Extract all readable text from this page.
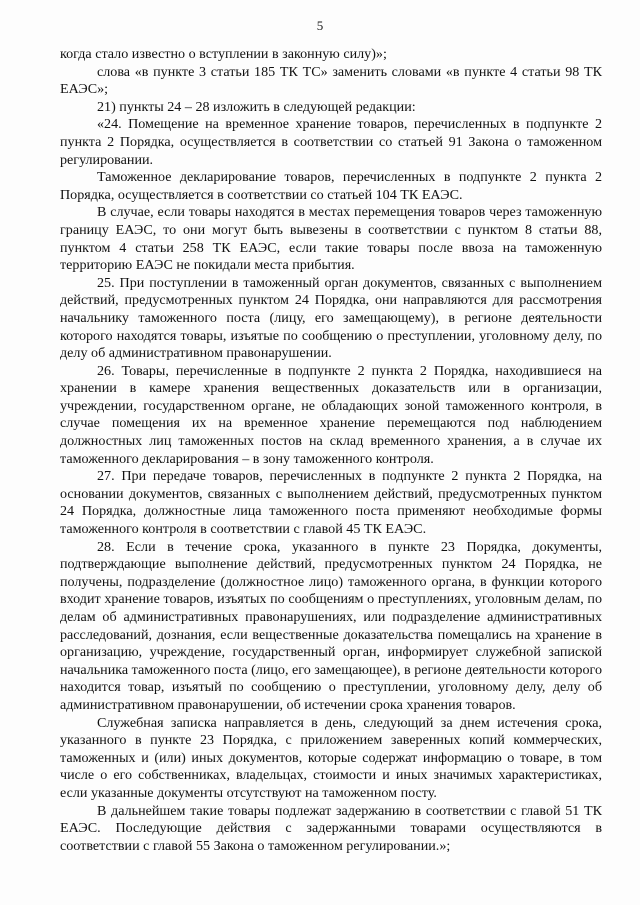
5

когда стало известно о вступлении в законную силу)»;

слова «в пункте 3 статьи 185 ТК ТС» заменить словами «в пункте 4 статьи 98 ТК ЕАЭС»;

21) пункты 24 – 28 изложить в следующей редакции:

«24. Помещение на временное хранение товаров, перечисленных в подпункте 2 пункта 2 Порядка, осуществляется в соответствии со статьей 91 Закона о таможенном регулировании.

Таможенное декларирование товаров, перечисленных в подпункте 2 пункта 2 Порядка, осуществляется в соответствии со статьей 104 ТК ЕАЭС.

В случае, если товары находятся в местах перемещения товаров через таможенную границу ЕАЭС, то они могут быть вывезены в соответствии с пунктом 8 статьи 88, пунктом 4 статьи 258 ТК ЕАЭС, если такие товары после ввоза на таможенную территорию ЕАЭС не покидали места прибытия.

25. При поступлении в таможенный орган документов, связанных с выполнением действий, предусмотренных пунктом 24 Порядка, они направляются для рассмотрения начальнику таможенного поста (лицу, его замещающему), в регионе деятельности которого находятся товары, изъятые по сообщению о преступлении, уголовному делу, по делу об административном правонарушении.

26. Товары, перечисленные в подпункте 2 пункта 2 Порядка, находившиеся на хранении в камере хранения вещественных доказательств или в организации, учреждении, государственном органе, не обладающих зоной таможенного контроля, в случае помещения их на временное хранение перемещаются под наблюдением должностных лиц таможенных постов на склад временного хранения, а в случае их таможенного декларирования – в зону таможенного контроля.

27. При передаче товаров, перечисленных в подпункте 2 пункта 2 Порядка, на основании документов, связанных с выполнением действий, предусмотренных пунктом 24 Порядка, должностные лица таможенного поста применяют необходимые формы таможенного контроля в соответствии с главой 45 ТК ЕАЭС.

28. Если в течение срока, указанного в пункте 23 Порядка, документы, подтверждающие выполнение действий, предусмотренных пунктом 24 Порядка, не получены, подразделение (должностное лицо) таможенного органа, в функции которого входит хранение товаров, изъятых по сообщениям о преступлениях, уголовным делам, по делам об административных правонарушениях, или подразделение административных расследований, дознания, если вещественные доказательства помещались на хранение в организацию, учреждение, государственный орган, информирует служебной запиской начальника таможенного поста (лицо, его замещающее), в регионе деятельности которого находится товар, изъятый по сообщению о преступлении, уголовному делу, делу об административном правонарушении, об истечении срока хранения товаров.

Служебная записка направляется в день, следующий за днем истечения срока, указанного в пункте 23 Порядка, с приложением заверенных копий коммерческих, таможенных и (или) иных документов, которые содержат информацию о товаре, в том числе о его собственниках, владельцах, стоимости и иных значимых характеристиках, если указанные документы отсутствуют на таможенном посту.

В дальнейшем такие товары подлежат задержанию в соответствии с главой 51 ТК ЕАЭС. Последующие действия с задержанными товарами осуществляются в соответствии с главой 55 Закона о таможенном регулировании.»;
